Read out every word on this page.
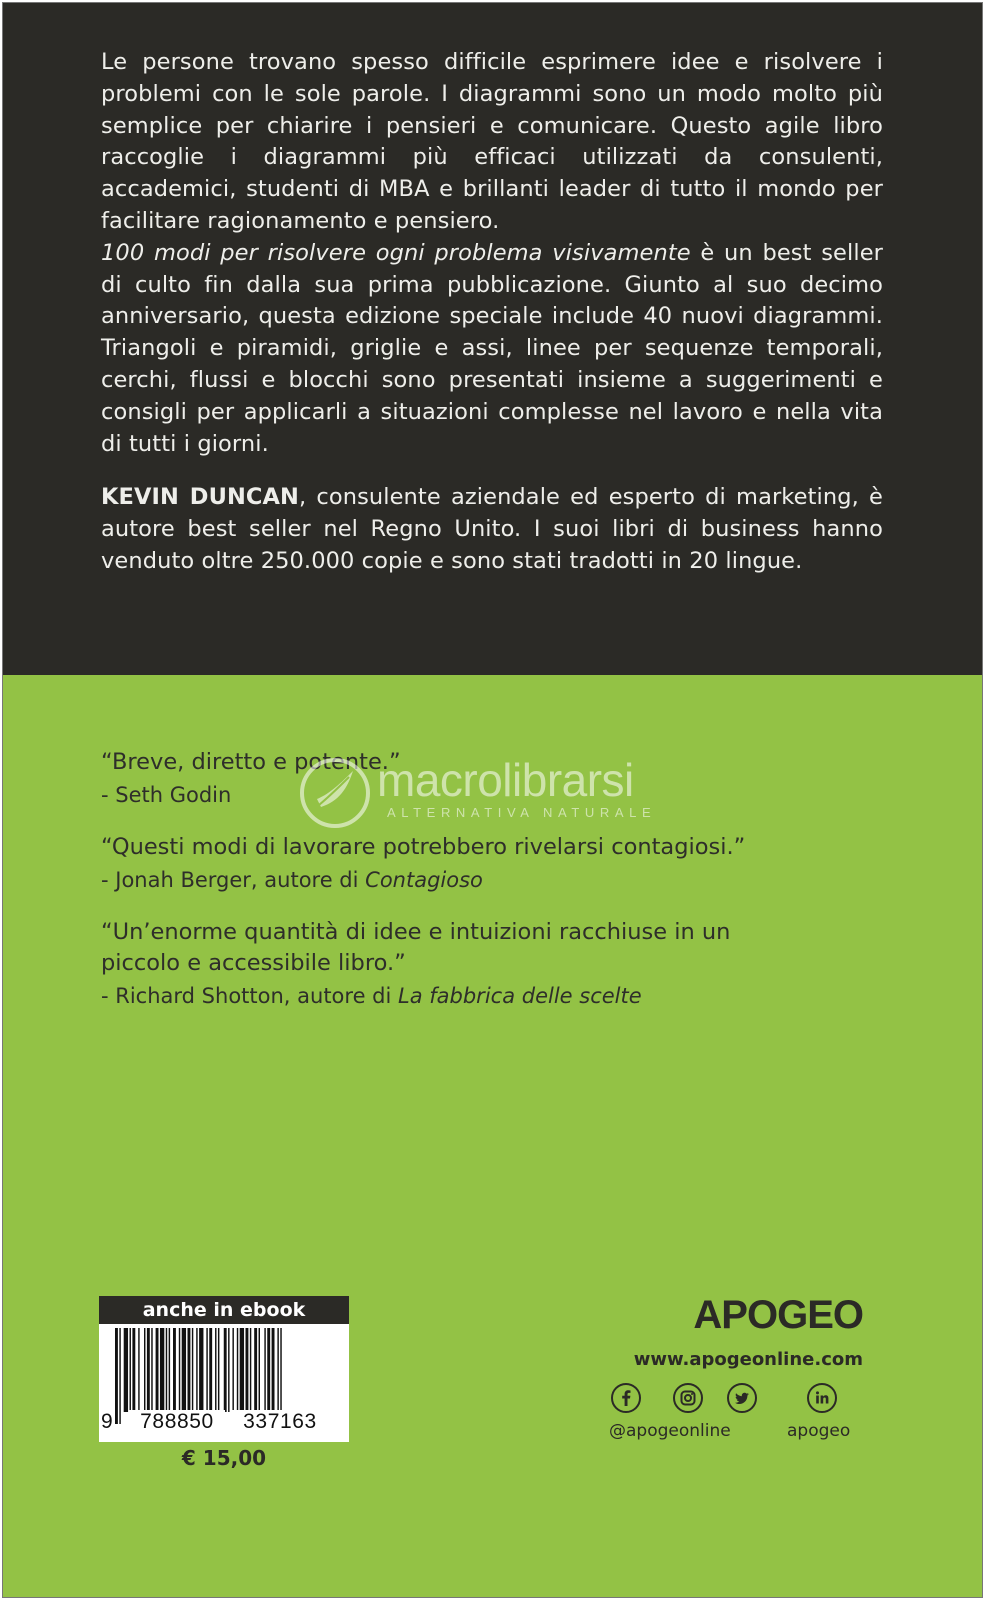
Le persone trovano spesso difficile esprimere idee e risolvere i problemi con le sole parole. I diagrammi sono un modo molto più semplice per chiarire i pensieri e comunicare. Questo agile libro raccoglie i diagrammi più efficaci utilizzati da consulenti, accademici, studenti di MBA e brillanti leader di tutto il mondo per facilitare ragionamento e pensiero.

100 modi per risolvere ogni problema visivamente è un best seller di culto fin dalla sua prima pubblicazione. Giunto al suo decimo anniversario, questa edizione speciale include 40 nuovi diagrammi. Triangoli e piramidi, griglie e assi, linee per sequenze temporali, cerchi, flussi e blocchi sono presentati insieme a suggerimenti e consigli per applicarli a situazioni complesse nel lavoro e nella vita di tutti i giorni.

KEVIN DUNCAN, consulente aziendale ed esperto di marketing, è autore best seller nel Regno Unito. I suoi libri di business hanno venduto oltre 250.000 copie e sono stati tradotti in 20 lingue.

“Breve, diretto e potente.”

- Seth Godin

“Questi modi di lavorare potrebbero rivelarsi contagiosi.”

- Jonah Berger, autore di Contagioso

“Un’enorme quantità di idee e intuizioni racchiuse in un piccolo e accessibile libro.”

- Richard Shotton, autore di La fabbrica delle scelte

macrolibrarsi
ALTERNATIVA NATURALE
anche in ebook
9	788850	337163
€ 15,00
APOGEO
www.apogeonline.com
@apogeonline	apogeo
